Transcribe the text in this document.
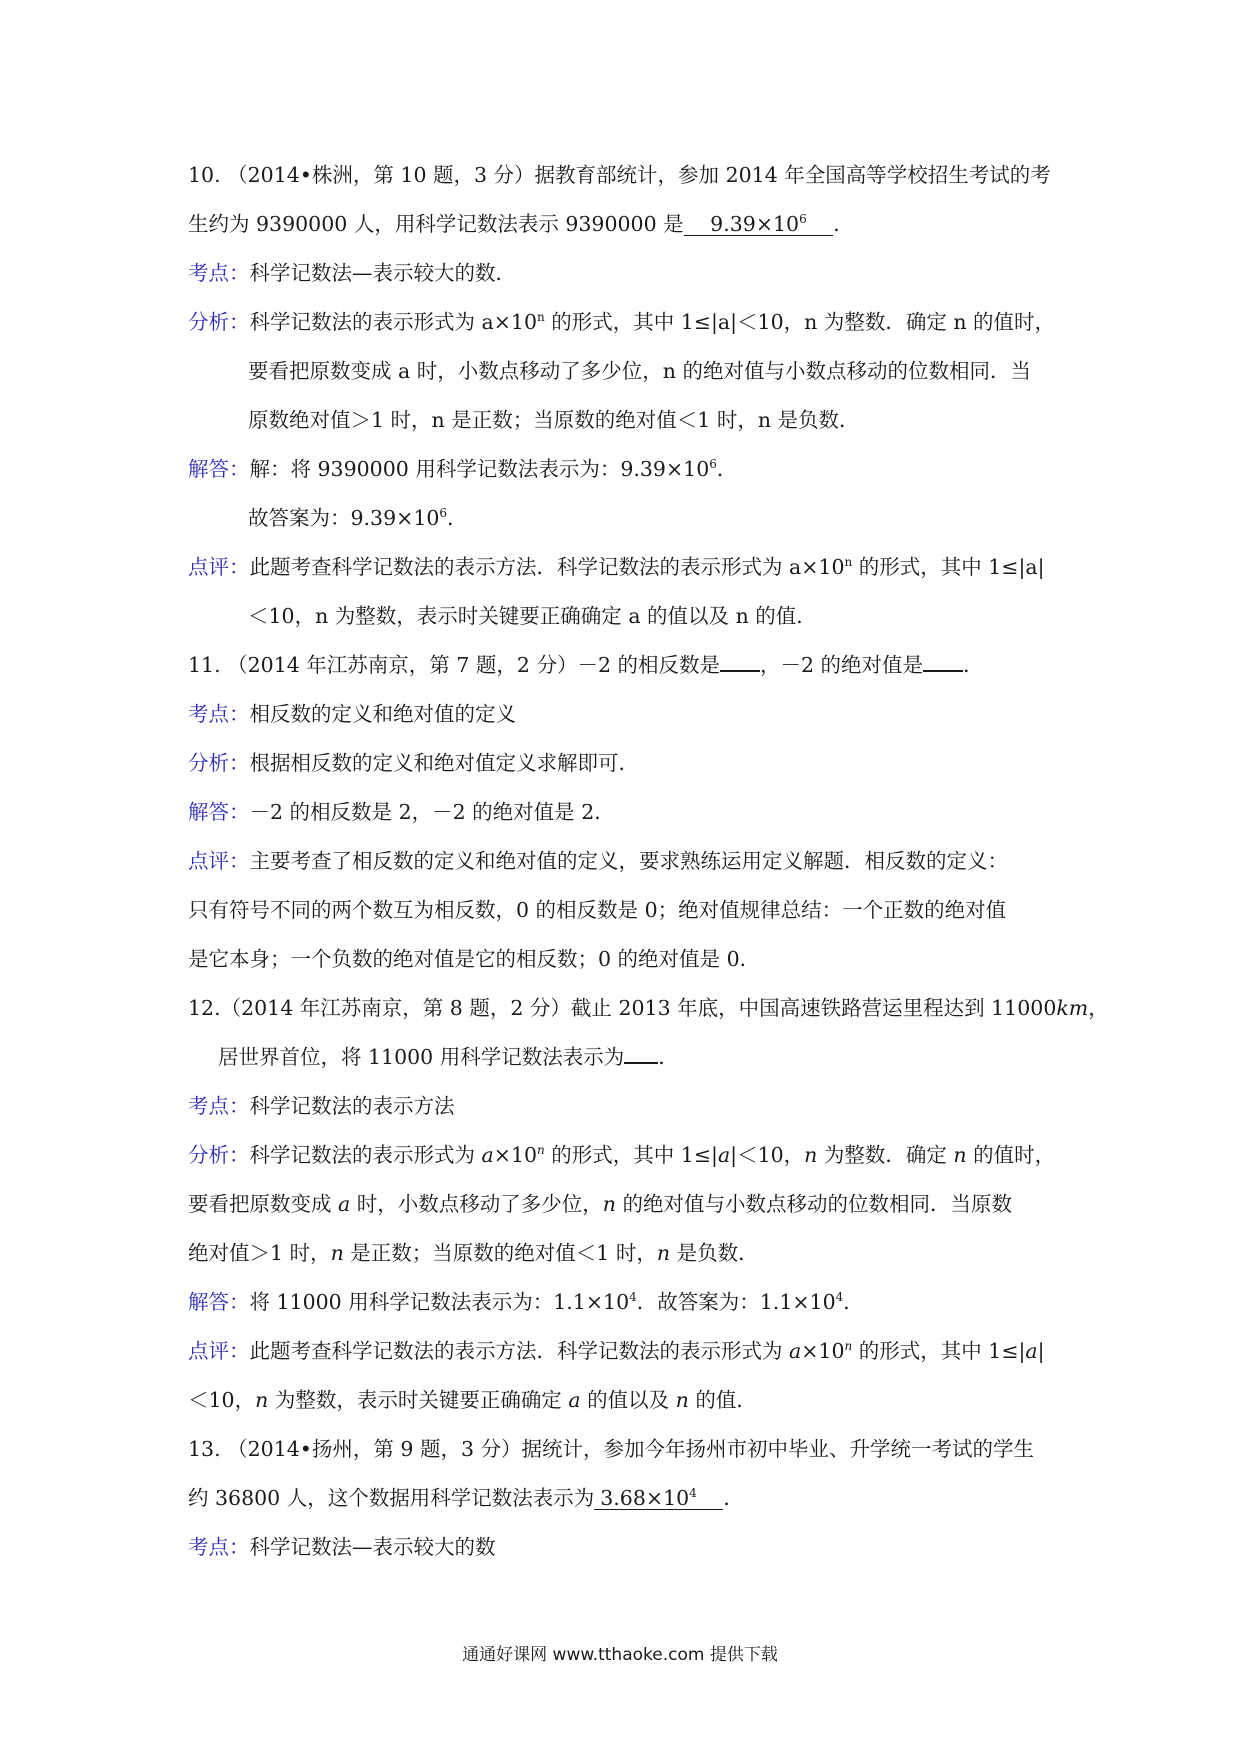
10. （2014•株洲，第 10 题，3 分）据教育部统计，参加 2014 年全国高等学校招生考试的考
生约为 9390000 人，用科学记数法表示 9390000 是　 $9.39\times 10^6$　 ．
考点：科学记数法—表示较大的数．
分析：科学记数法的表示形式为 $a\times 10^n$ 的形式，其中 1≤|a|＜10，n 为整数．确定 n 的值时，
要看把原数变成 a 时，小数点移动了多少位，n 的绝对值与小数点移动的位数相同．当
原数绝对值＞1 时，n 是正数；当原数的绝对值＜1 时，n 是负数．
解答：解：将 9390000 用科学记数法表示为：$9.39\times 10^6$．
故答案为：$9.39\times 10^6$．
点评：此题考查科学记数法的表示方法．科学记数法的表示形式为 $a\times 10^n$ 的形式，其中 1≤|a|
＜10，n 为整数，表示时关键要正确确定 a 的值以及 n 的值．
11. （2014 年江苏南京，第 7 题，2 分）－2 的相反数是 ，－2 的绝对值是 ．
考点：相反数的定义和绝对值的定义
分析：根据相反数的定义和绝对值定义求解即可．
解答：－2 的相反数是 2，－2 的绝对值是 2．
点评：主要考查了相反数的定义和绝对值的定义，要求熟练运用定义解题．相反数的定义：
只有符号不同的两个数互为相反数，0 的相反数是 0；绝对值规律总结：一个正数的绝对值
是它本身；一个负数的绝对值是它的相反数；0 的绝对值是 0．
12.（2014 年江苏南京，第 8 题，2 分）截止 2013 年底，中国高速铁路营运里程达到 11000km，
居世界首位，将 11000 用科学记数法表示为 ．
考点：科学记数法的表示方法
分析：科学记数法的表示形式为 $a\times 10^n$ 的形式，其中 1≤|a|＜10，n 为整数．确定 n 的值时，
要看把原数变成 a 时，小数点移动了多少位，n 的绝对值与小数点移动的位数相同．当原数
绝对值＞1 时，n 是正数；当原数的绝对值＜1 时，n 是负数．
解答：将 11000 用科学记数法表示为：$1.1\times 10^4$．故答案为：$1.1\times 10^4$．
点评：此题考查科学记数法的表示方法．科学记数法的表示形式为 $a\times 10^n$ 的形式，其中 1≤|a|
＜10，n 为整数，表示时关键要正确确定 a 的值以及 n 的值．
13. （2014•扬州，第 9 题，3 分）据统计，参加今年扬州市初中毕业、升学统一考试的学生
约 36800 人，这个数据用科学记数法表示为 $3.68\times 10^4$　 ．
考点：科学记数法—表示较大的数
通通好课网 www.tthaoke.com 提供下载
